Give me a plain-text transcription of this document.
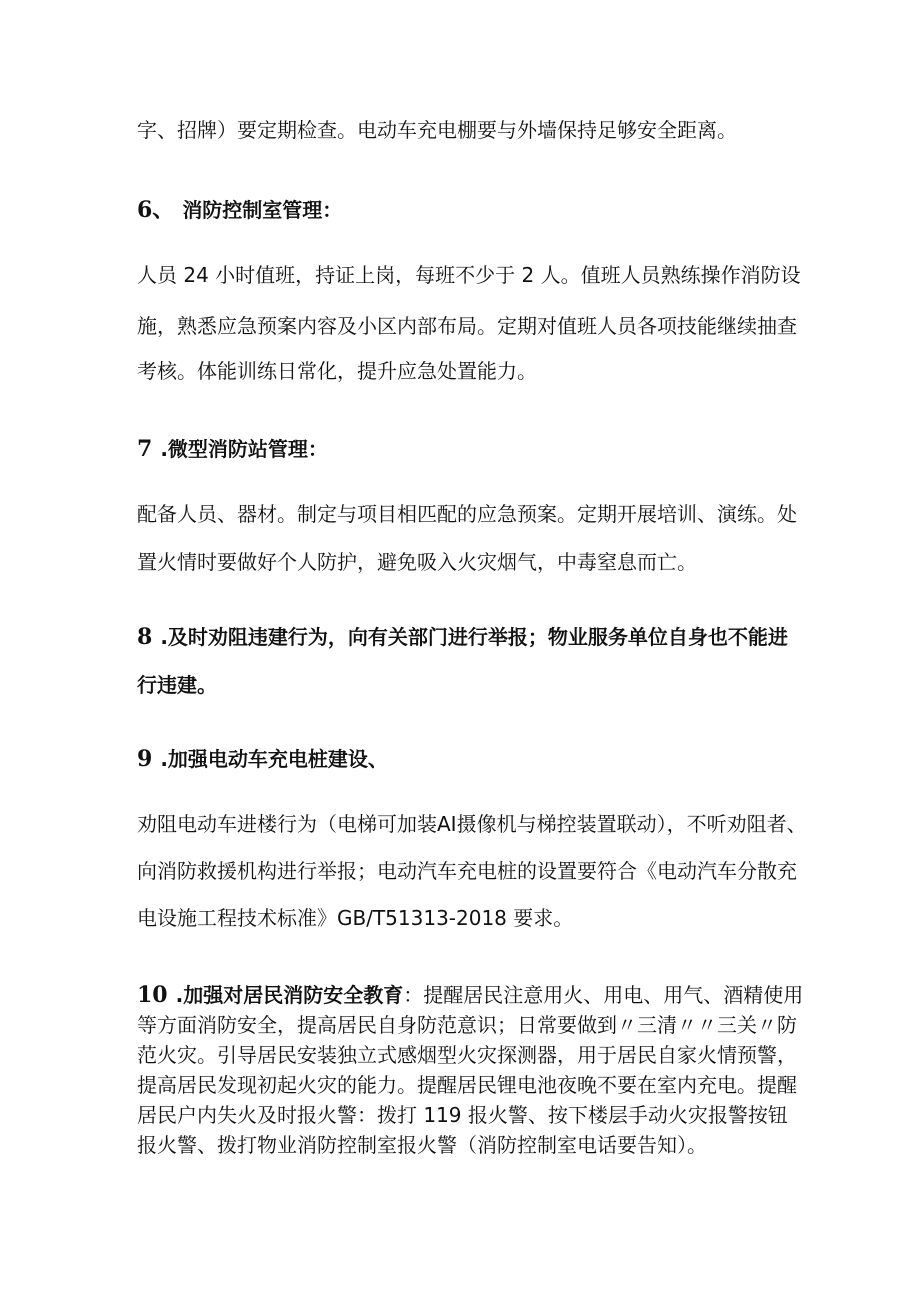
字、招牌）要定期检查。电动车充电棚要与外墙保持足够安全距离。
6、 消防控制室管理：
人员 24 小时值班，持证上岗，每班不少于 2 人。值班人员熟练操作消防设
施，熟悉应急预案内容及小区内部布局。定期对值班人员各项技能继续抽查
考核。体能训练日常化，提升应急处置能力。
7 .微型消防站管理：
配备人员、器材。制定与项目相匹配的应急预案。定期开展培训、演练。处
置火情时要做好个人防护，避免吸入火灾烟气，中毒窒息而亡。
8 .及时劝阻违建行为，向有关部门进行举报；物业服务单位自身也不能进
行违建。
9 .加强电动车充电桩建设、
劝阻电动车进楼行为（电梯可加装AI摄像机与梯控装置联动），不听劝阻者、
向消防救援机构进行举报；电动汽车充电桩的设置要符合《电动汽车分散充
电设施工程技术标准》GB/T51313-2018 要求。
10 .加强对居民消防安全教育：提醒居民注意用火、用电、用气、酒精使用
等方面消防安全，提高居民自身防范意识；日常要做到〃三清〃〃三关〃防
范火灾。引导居民安装独立式感烟型火灾探测器，用于居民自家火情预警，
提高居民发现初起火灾的能力。提醒居民锂电池夜晚不要在室内充电。提醒
居民户内失火及时报火警：拨打 119 报火警、按下楼层手动火灾报警按钮
报火警、拨打物业消防控制室报火警（消防控制室电话要告知）。
